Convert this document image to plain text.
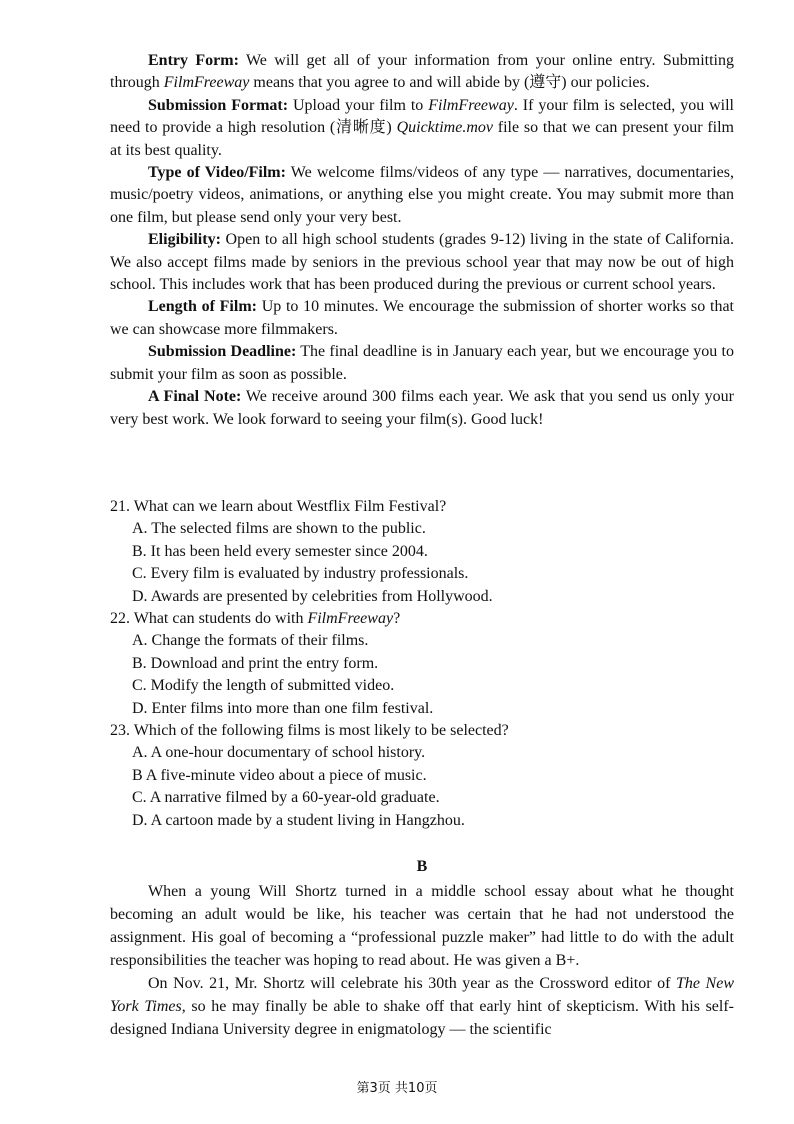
Entry Form: We will get all of your information from your online entry. Submitting through FilmFreeway means that you agree to and will abide by (遵守) our policies.

Submission Format: Upload your film to FilmFreeway. If your film is selected, you will need to provide a high resolution (清晰度) Quicktime.mov file so that we can present your film at its best quality.

Type of Video/Film: We welcome films/videos of any type — narratives, documentaries, music/poetry videos, animations, or anything else you might create. You may submit more than one film, but please send only your very best.

Eligibility: Open to all high school students (grades 9-12) living in the state of California. We also accept films made by seniors in the previous school year that may now be out of high school. This includes work that has been produced during the previous or current school years.

Length of Film: Up to 10 minutes. We encourage the submission of shorter works so that we can showcase more filmmakers.

Submission Deadline: The final deadline is in January each year, but we encourage you to submit your film as soon as possible.

A Final Note: We receive around 300 films each year. We ask that you send us only your very best work. We look forward to seeing your film(s). Good luck!

21. What can we learn about Westflix Film Festival?

A. The selected films are shown to the public.

B. It has been held every semester since 2004.

C. Every film is evaluated by industry professionals.

D. Awards are presented by celebrities from Hollywood.

22. What can students do with FilmFreeway?

A. Change the formats of their films.

B. Download and print the entry form.

C. Modify the length of submitted video.

D. Enter films into more than one film festival.

23. Which of the following films is most likely to be selected?

A. A one-hour documentary of school history.

B A five-minute video about a piece of music.

C. A narrative filmed by a 60-year-old graduate.

D. A cartoon made by a student living in Hangzhou.

B

When a young Will Shortz turned in a middle school essay about what he thought becoming an adult would be like, his teacher was certain that he had not understood the assignment. His goal of becoming a “professional puzzle maker” had little to do with the adult responsibilities the teacher was hoping to read about. He was given a B+.

On Nov. 21, Mr. Shortz will celebrate his 30th year as the Crossword editor of The New York Times, so he may finally be able to shake off that early hint of skepticism. With his self-designed Indiana University degree in enigmatology — the scientific

第3页 共10页
